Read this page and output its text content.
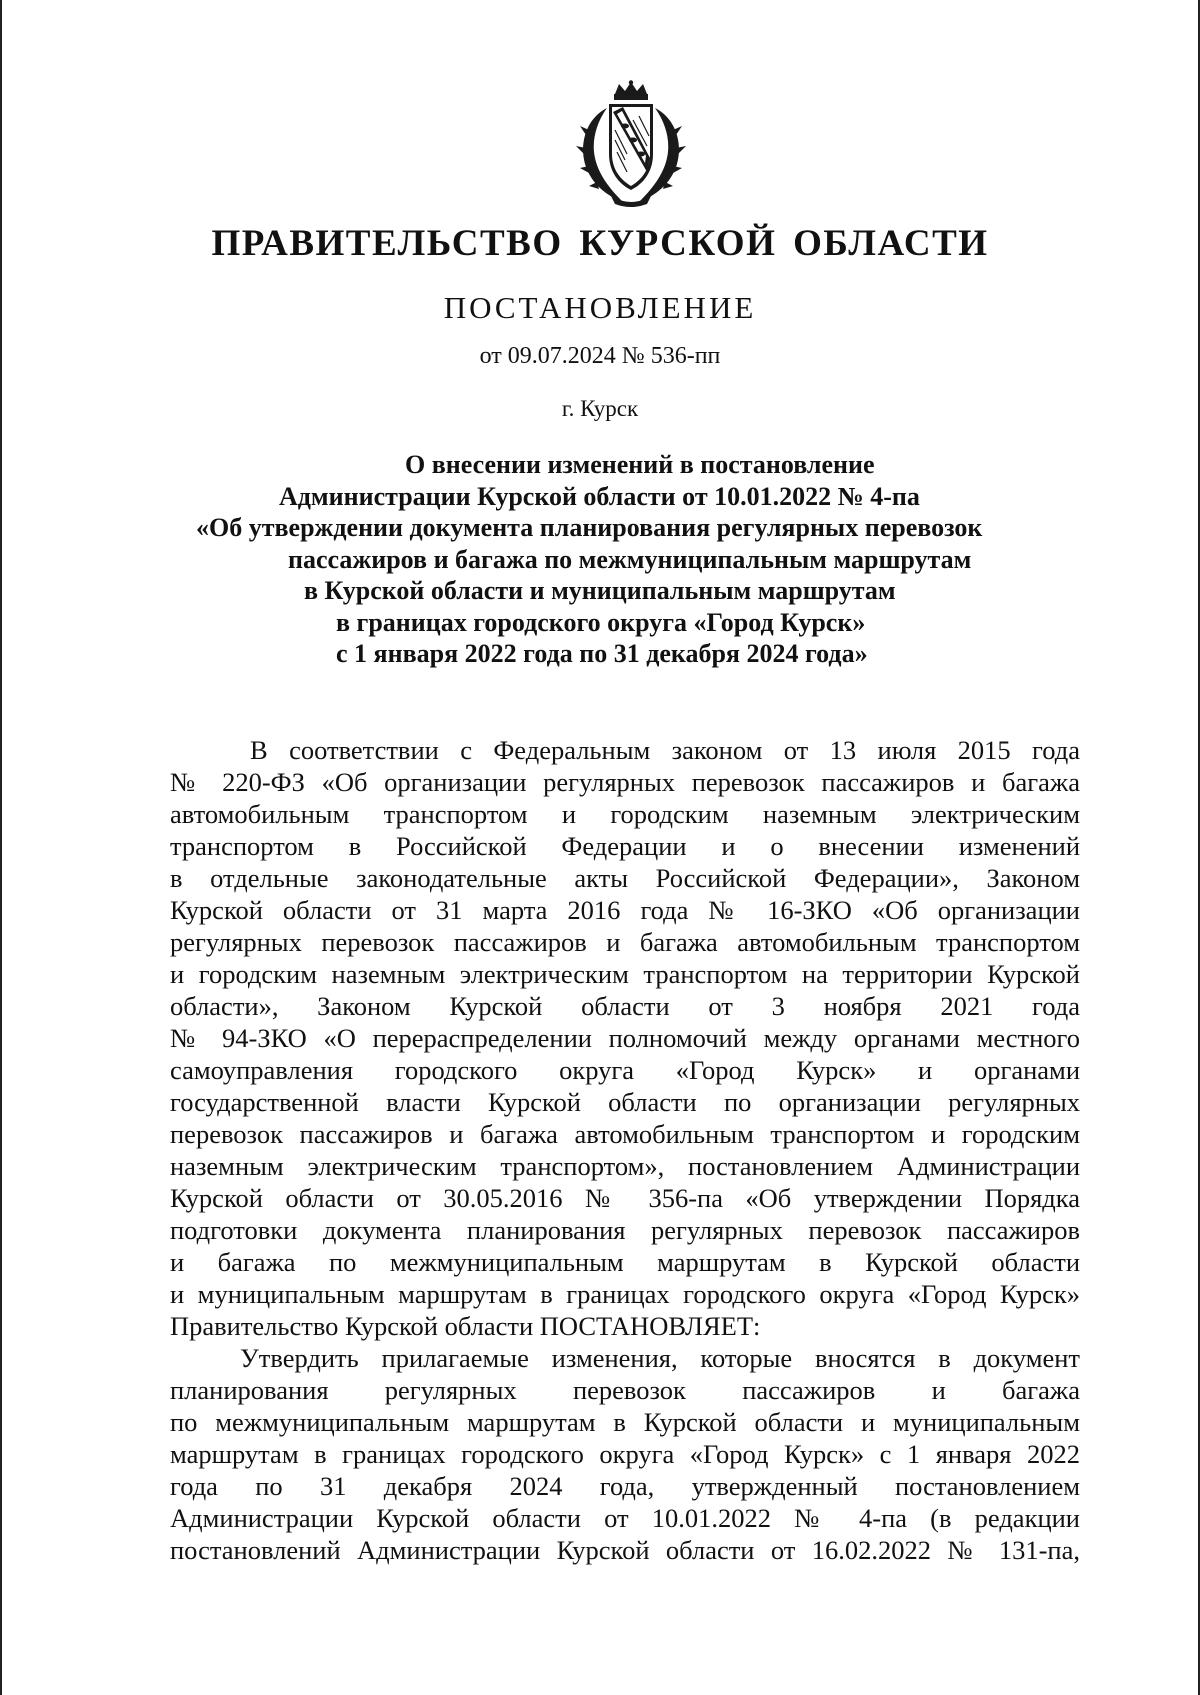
ПРАВИТЕЛЬСТВО КУРСКОЙ ОБЛАСТИ
ПОСТАНОВЛЕНИЕ
от 09.07.2024 № 536-пп
г. Курск
О внесении изменений в постановление
Администрации Курской области от 10.01.2022 № 4-па
«Об утверждении документа планирования регулярных перевозок
пассажиров и багажа по межмуниципальным маршрутам
в Курской области и муниципальным маршрутам
в границах городского округа «Город Курск»
с 1 января 2022 года по 31 декабря 2024 года»
В соответствии с Федеральным законом от 13 июля 2015 года
№ 220-ФЗ «Об организации регулярных перевозок пассажиров и багажа
автомобильным транспортом и городским наземным электрическим
транспортом в Российской Федерации и о внесении изменений
в отдельные законодательные акты Российской Федерации», Законом
Курской области от 31 марта 2016 года № 16-ЗКО «Об организации
регулярных перевозок пассажиров и багажа автомобильным транспортом
и городским наземным электрическим транспортом на территории Курской
области», Законом Курской области от 3 ноября 2021 года
№ 94-ЗКО «О перераспределении полномочий между органами местного
самоуправления городского округа «Город Курск» и органами
государственной власти Курской области по организации регулярных
перевозок пассажиров и багажа автомобильным транспортом и городским
наземным электрическим транспортом», постановлением Администрации
Курской области от 30.05.2016 № 356-па «Об утверждении Порядка
подготовки документа планирования регулярных перевозок пассажиров
и багажа по межмуниципальным маршрутам в Курской области
и муниципальным маршрутам в границах городского округа «Город Курск»
Правительство Курской области ПОСТАНОВЛЯЕТ:
Утвердить прилагаемые изменения, которые вносятся в документ
планирования регулярных перевозок пассажиров и багажа
по межмуниципальным маршрутам в Курской области и муниципальным
маршрутам в границах городского округа «Город Курск» с 1 января 2022
года по 31 декабря 2024 года, утвержденный постановлением
Администрации Курской области от 10.01.2022 № 4-па (в редакции
постановлений Администрации Курской области от 16.02.2022 № 131-па,
